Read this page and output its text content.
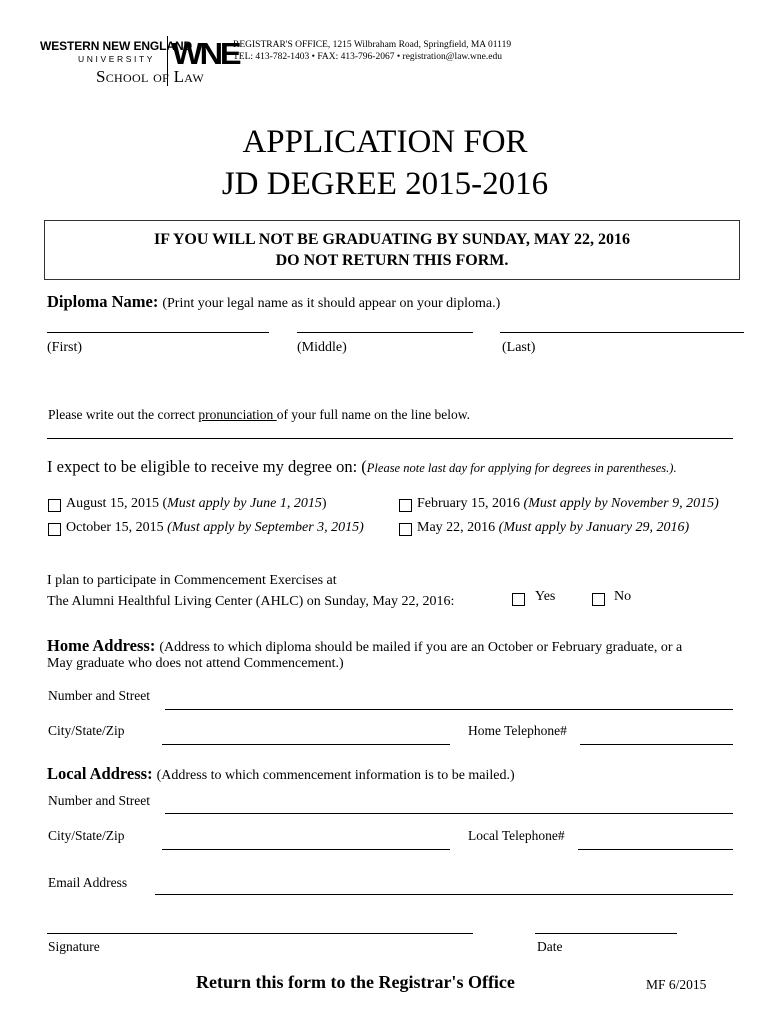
WESTERN NEW ENGLAND
UNIVERSITY
School of Law
WNE
REGISTRAR'S OFFICE, 1215 Wilbraham Road, Springfield, MA 01119
TEL: 413-782-1403 • FAX: 413-796-2067 • registration@law.wne.edu
APPLICATION FOR
JD DEGREE 2015-2016
IF YOU WILL NOT BE GRADUATING BY SUNDAY, MAY 22, 2016
DO NOT RETURN THIS FORM.
Diploma Name: (Print your legal name as it should appear on your diploma.)
(First)	(Middle)	(Last)
Please write out the correct pronunciation of your full name on the line below.
I expect to be eligible to receive my degree on: (Please note last day for applying for degrees in parentheses.).
August 15, 2015 (Must apply by June 1, 2015)	February 15, 2016 (Must apply by November 9, 2015)
October 15, 2015 (Must apply by September 3, 2015)	May 22, 2016 (Must apply by January 29, 2016)
I plan to participate in Commencement Exercises at
The Alumni Healthful Living Center (AHLC) on Sunday, May 22, 2016:	Yes	No
Home Address: (Address to which diploma should be mailed if you are an October or February graduate, or a
May graduate who does not attend Commencement.)
Number and Street
City/State/Zip	Home Telephone#
Local Address: (Address to which commencement information is to be mailed.)
Number and Street
City/State/Zip	Local Telephone#
Email Address
Signature	Date
Return this form to the Registrar's Office	MF 6/2015
